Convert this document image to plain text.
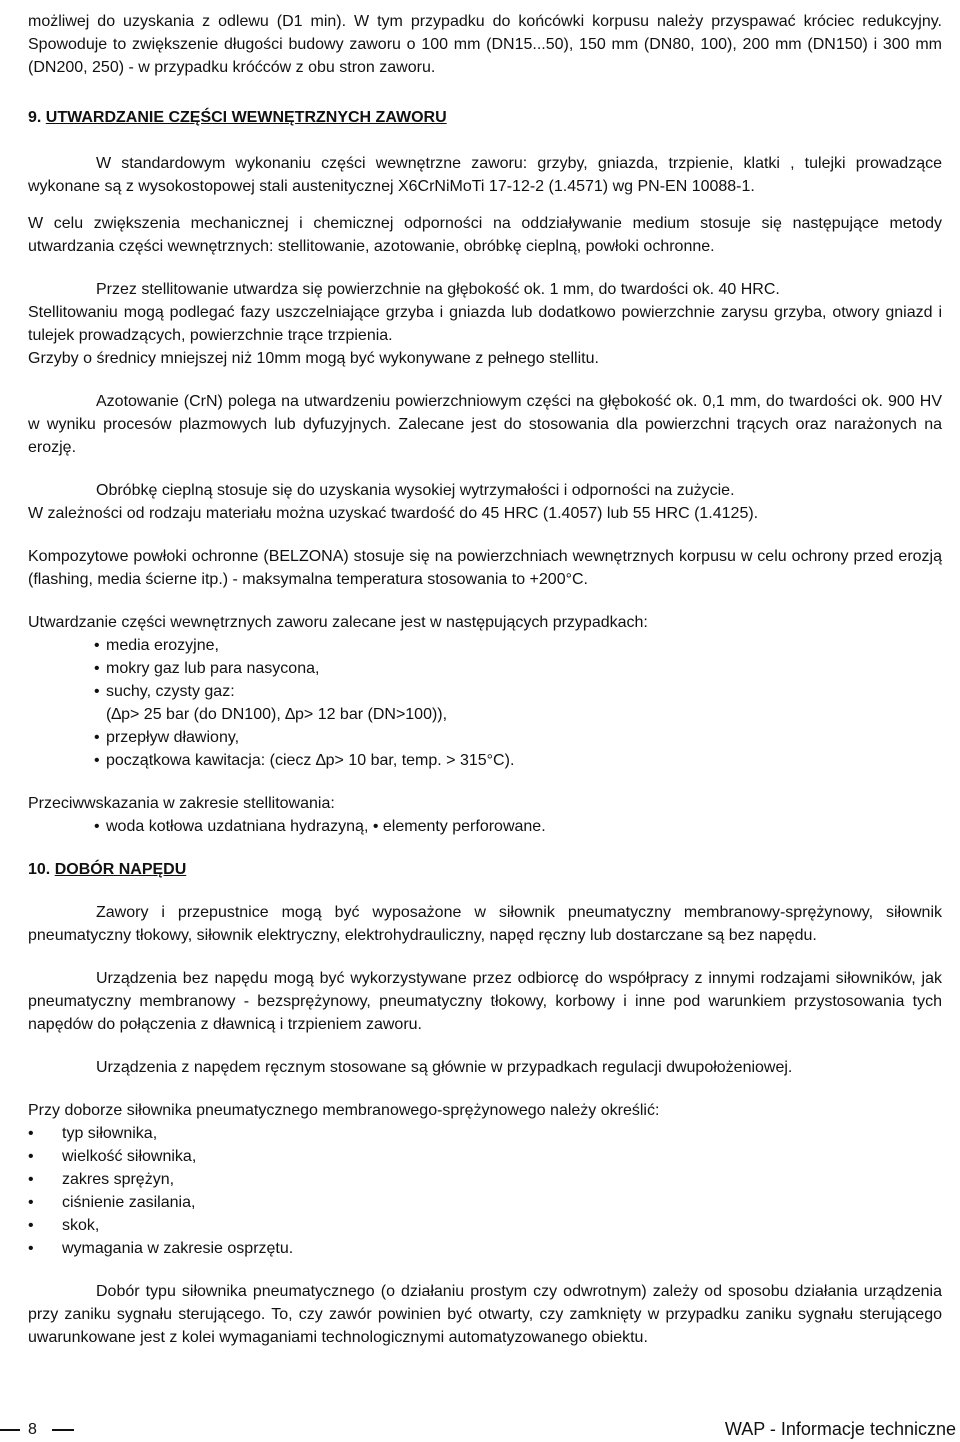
możliwej do uzyskania z odlewu (D1 min). W tym przypadku do końcówki korpusu należy przyspawać króciec redukcyjny. Spowoduje to zwiększenie długości budowy zaworu o 100 mm (DN15...50), 150 mm (DN80, 100), 200 mm (DN150) i 300 mm (DN200, 250) - w przypadku króćców z obu stron zaworu.

9. UTWARDZANIE CZĘŚCI WEWNĘTRZNYCH ZAWORU

W standardowym wykonaniu części wewnętrzne zaworu: grzyby, gniazda, trzpienie, klatki , tulejki prowadzące wykonane są z wysokostopowej stali austenitycznej X6CrNiMoTi 17-12-2 (1.4571) wg PN-EN 10088-1.

W celu zwiększenia mechanicznej i chemicznej odporności na oddziaływanie medium stosuje się następujące metody utwardzania części wewnętrznych: stellitowanie, azotowanie, obróbkę cieplną, powłoki ochronne.

Przez stellitowanie utwardza się powierzchnie na głębokość ok. 1 mm, do twardości ok. 40 HRC.

Stellitowaniu mogą podlegać fazy uszczelniające grzyba i gniazda lub dodatkowo powierzchnie zarysu grzyba, otwory gniazd i tulejek prowadzących, powierzchnie trące trzpienia.

Grzyby o średnicy mniejszej niż 10mm mogą być wykonywane z pełnego stellitu.

Azotowanie (CrN) polega na utwardzeniu powierzchniowym części na głębokość ok. 0,1 mm, do twardości ok. 900 HV w wyniku procesów plazmowych lub dyfuzyjnych. Zalecane jest do stosowania dla powierzchni trących oraz narażonych na erozję.

Obróbkę cieplną stosuje się do uzyskania wysokiej wytrzymałości i odporności na zużycie.

W zależności od rodzaju materiału można uzyskać twardość do 45 HRC (1.4057) lub 55 HRC (1.4125).

Kompozytowe powłoki ochronne (BELZONA) stosuje się na powierzchniach wewnętrznych korpusu w celu ochrony przed erozją (flashing, media ścierne itp.) - maksymalna temperatura stosowania to +200°C.

Utwardzanie części wewnętrznych zaworu zalecane jest w następujących przypadkach:

• media erozyjne,
• mokry gaz lub para nasycona,
• suchy, czysty gaz:
(∆p> 25 bar (do DN100), ∆p> 12 bar (DN>100)),
• przepływ dławiony,
• początkowa kawitacja: (ciecz ∆p> 10 bar, temp. > 315°C).

Przeciwwskazania w zakresie stellitowania:

• woda kotłowa uzdatniana hydrazyną, • elementy perforowane.

10. DOBÓR NAPĘDU

Zawory i przepustnice mogą być wyposażone w siłownik pneumatyczny membranowy-sprężynowy, siłownik pneumatyczny tłokowy, siłownik elektryczny, elektrohydrauliczny, napęd ręczny lub dostarczane są bez napędu.

Urządzenia bez napędu mogą być wykorzystywane przez odbiorcę do współpracy z innymi rodzajami siłowników, jak pneumatyczny membranowy - bezsprężynowy, pneumatyczny tłokowy, korbowy i inne pod warunkiem przystosowania tych napędów do połączenia z dławnicą i trzpieniem zaworu.

Urządzenia z napędem ręcznym stosowane są głównie w przypadkach regulacji dwupołożeniowej.

Przy doborze siłownika pneumatycznego membranowego-sprężynowego należy określić:

• typ siłownika,
• wielkość siłownika,
• zakres sprężyn,
• ciśnienie zasilania,
• skok,
• wymagania w zakresie osprzętu.

Dobór typu siłownika pneumatycznego (o działaniu prostym czy odwrotnym) zależy od sposobu działania urządzenia przy zaniku sygnału sterującego. To, czy zawór powinien być otwarty, czy zamknięty w przypadku zaniku sygnału sterującego uwarunkowane jest z kolei wymaganiami technologicznymi automatyzowanego obiektu.

8	WAP - Informacje techniczne
